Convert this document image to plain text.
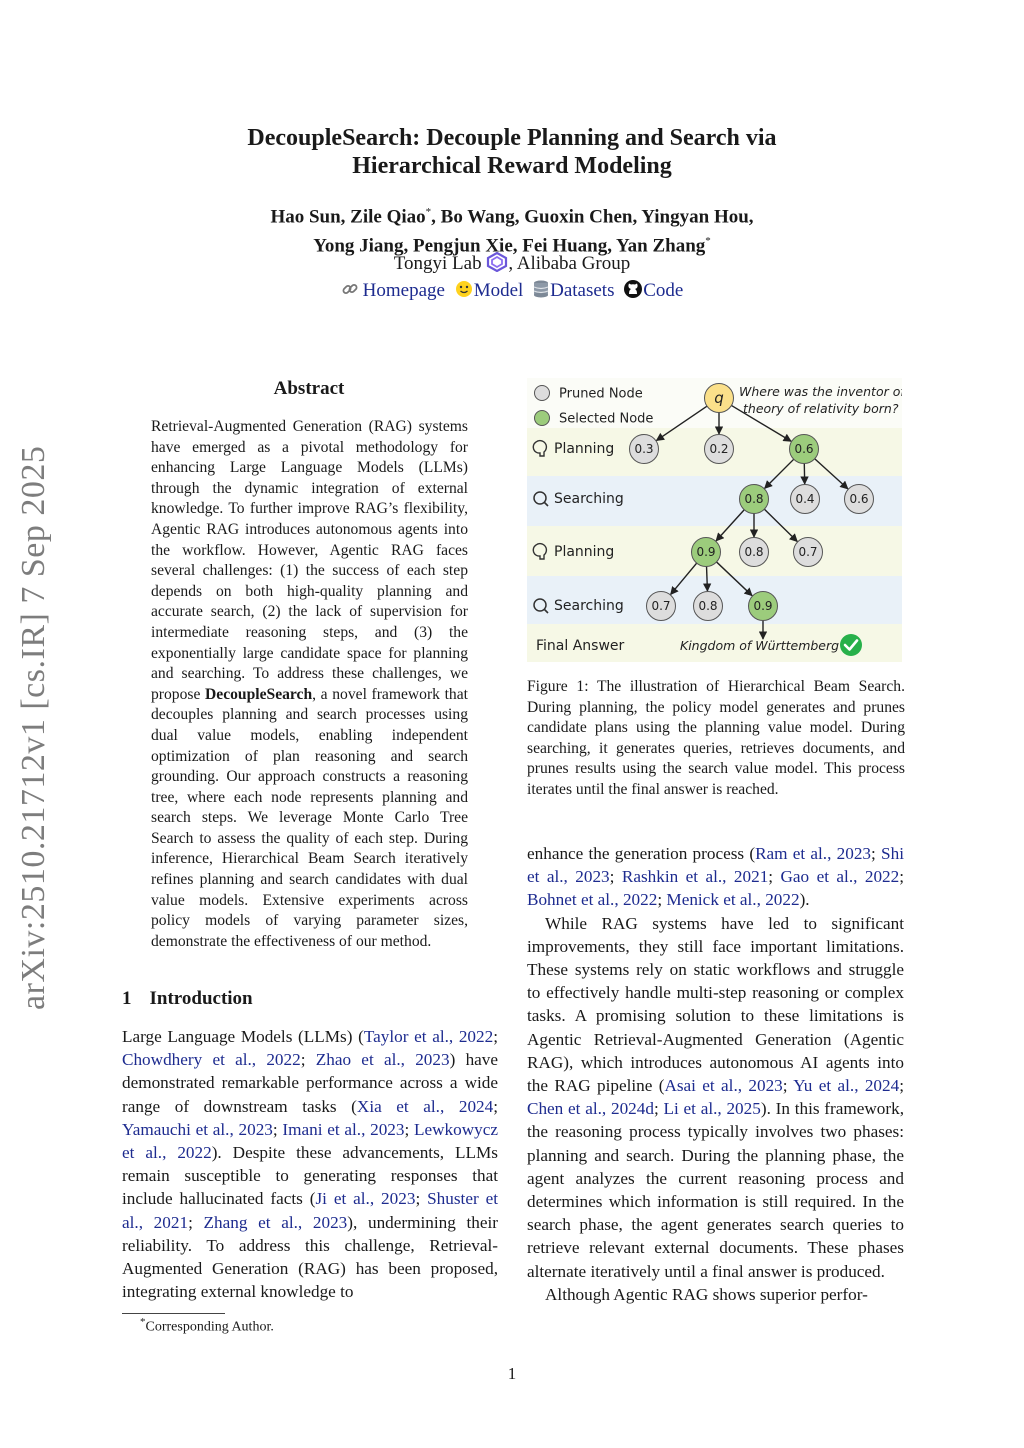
arXiv:2510.21712v1 [cs.IR] 7 Sep 2025
DecoupleSearch: Decouple Planning and Search via
Hierarchical Reward Modeling
Hao Sun, Zile Qiao*, Bo Wang, Guoxin Chen, Yingyan Hou,
Yong Jiang, Pengjun Xie, Fei Huang, Yan Zhang*
Tongyi Lab , Alibaba Group
Homepage Model Datasets Code
Abstract
Retrieval-Augmented Generation (RAG) systems have emerged as a pivotal methodology for enhancing Large Language Models (LLMs) through the dynamic integration of external knowledge. To further improve RAG’s flexibility, Agentic RAG introduces autonomous agents into the workflow. However, Agentic RAG faces several challenges: (1) the success of each step depends on both high-quality planning and accurate search, (2) the lack of supervision for intermediate reasoning steps, and (3) the exponentially large candidate space for planning and searching. To address these challenges, we propose DecoupleSearch, a novel framework that decouples planning and search processes using dual value models, enabling independent optimization of plan reasoning and search grounding. Our approach constructs a reasoning tree, where each node represents planning and search steps. We leverage Monte Carlo Tree Search to assess the quality of each step. During inference, Hierarchical Beam Search iteratively refines planning and search candidates with dual value models. Extensive experiments across policy models of varying parameter sizes, demonstrate the effectiveness of our method.
1 Introduction

Large Language Models (LLMs) (Taylor et al., 2022; Chowdhery et al., 2022; Zhao et al., 2023) have demonstrated remarkable performance across a wide range of downstream tasks (Xia et al., 2024; Yamauchi et al., 2023; Imani et al., 2023; Lewkowycz et al., 2022). Despite these advancements, LLMs remain susceptible to generating responses that include hallucinated facts (Ji et al., 2023; Shuster et al., 2021; Zhang et al., 2023), undermining their reliability. To address this challenge, Retrieval-Augmented Generation (RAG) has been proposed, integrating external knowledge to

Pruned Node
Selected Node
Where was the inventor of
theory of relativity born?
q
Planning 0.3	0.2	0.6
Searching	0.8	0.4	0.6
Planning	0.9 0.8	0.7
Searching 0.7 0.8	0.9
Final Answer	Kingdom of Württemberg
Figure 1: The illustration of Hierarchical Beam Search. During planning, the policy model generates and prunes candidate plans using the planning value model. During searching, it generates queries, retrieves documents, and prunes results using the search value model. This process iterates until the final answer is reached.

enhance the generation process (Ram et al., 2023; Shi et al., 2023; Rashkin et al., 2021; Gao et al., 2022; Bohnet et al., 2022; Menick et al., 2022).

While RAG systems have led to significant improvements, they still face important limitations. These systems rely on static workflows and struggle to effectively handle multi-step reasoning or complex tasks. A promising solution to these limitations is Agentic Retrieval-Augmented Generation (Agentic RAG), which introduces autonomous AI agents into the RAG pipeline (Asai et al., 2023; Yu et al., 2024; Chen et al., 2024d; Li et al., 2025). In this framework, the reasoning process typically involves two phases: planning and search. During the planning phase, the agent analyzes the current reasoning process and determines which information is still required. In the search phase, the agent generates search queries to retrieve relevant external documents. These phases alternate iteratively until a final answer is produced.

Although Agentic RAG shows superior perfor-

*Corresponding Author.
1
